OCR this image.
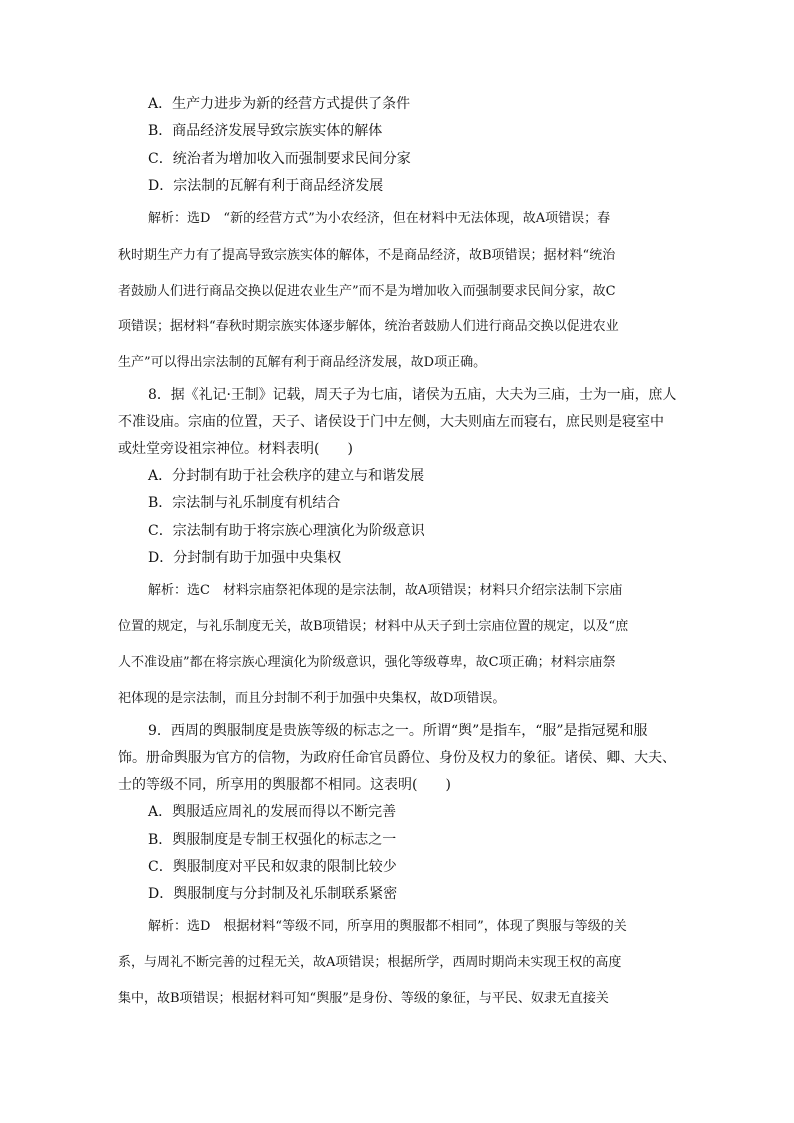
A．生产力进步为新的经营方式提供了条件
B．商品经济发展导致宗族实体的解体
C．统治者为增加收入而强制要求民间分家
D．宗法制的瓦解有利于商品经济发展
解析：选D　“新的经营方式”为小农经济，但在材料中无法体现，故A项错误；春
秋时期生产力有了提高导致宗族实体的解体，不是商品经济，故B项错误；据材料“统治
者鼓励人们进行商品交换以促进农业生产”而不是为增加收入而强制要求民间分家，故C
项错误；据材料“春秋时期宗族实体逐步解体，统治者鼓励人们进行商品交换以促进农业
生产”可以得出宗法制的瓦解有利于商品经济发展，故D项正确。
8．据《礼记·王制》记载，周天子为七庙，诸侯为五庙，大夫为三庙，士为一庙，庶人
不准设庙。宗庙的位置，天子、诸侯设于门中左侧，大夫则庙左而寝右，庶民则是寝室中
或灶堂旁设祖宗神位。材料表明(　　)
A．分封制有助于社会秩序的建立与和谐发展
B．宗法制与礼乐制度有机结合
C．宗法制有助于将宗族心理演化为阶级意识
D．分封制有助于加强中央集权
解析：选C　材料宗庙祭祀体现的是宗法制，故A项错误；材料只介绍宗法制下宗庙
位置的规定，与礼乐制度无关，故B项错误；材料中从天子到士宗庙位置的规定，以及“庶
人不准设庙”都在将宗族心理演化为阶级意识，强化等级尊卑，故C项正确；材料宗庙祭
祀体现的是宗法制，而且分封制不利于加强中央集权，故D项错误。
9．西周的舆服制度是贵族等级的标志之一。所谓“舆”是指车，“服”是指冠冕和服
饰。册命舆服为官方的信物，为政府任命官员爵位、身份及权力的象征。诸侯、卿、大夫、
士的等级不同，所享用的舆服都不相同。这表明(　　)
A．舆服适应周礼的发展而得以不断完善
B．舆服制度是专制王权强化的标志之一
C．舆服制度对平民和奴隶的限制比较少
D．舆服制度与分封制及礼乐制联系紧密
解析：选D　根据材料“等级不同，所享用的舆服都不相同”，体现了舆服与等级的关
系，与周礼不断完善的过程无关，故A项错误；根据所学，西周时期尚未实现王权的高度
集中，故B项错误；根据材料可知“舆服”是身份、等级的象征，与平民、奴隶无直接关
